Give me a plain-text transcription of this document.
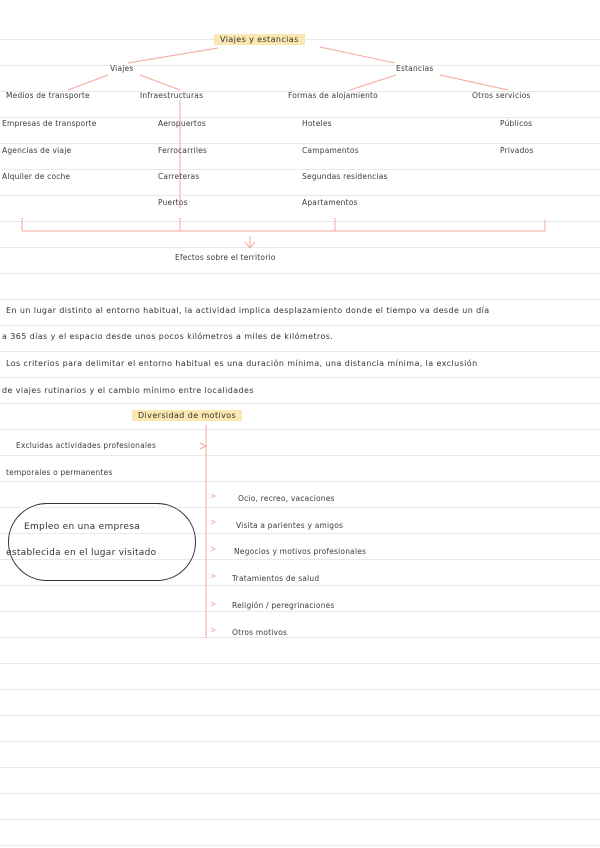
Viajes y estancias
Viajes	Estancias
Medios de transporte	Infraestructuras	Formas de alojamiento	Otros servicios
Empresas de transporte
Agencias de viaje
Alquiler de coche
Aeropuertos
Ferrocarriles
Carreteras
Puertos
Hoteles
Campamentos
Segundas residencias
Apartamentos
Públicos
Privados
Efectos sobre el territorio
En un lugar distinto al entorno habitual, la actividad implica desplazamiento donde el tiempo va desde un día
a 365 días y el espacio desde unos pocos kilómetros a miles de kilómetros.
Los criterios para delimitar el entorno habitual es una duración mínima, una distancia mínima, la exclusión
de viajes rutinarios y el cambio mínimo entre localidades
Diversidad de motivos
Excluidas actividades profesionales
temporales o permanentes
Ocio, recreo, vacaciones
Visita a parientes y amigos
Negocios y motivos profesionales
Tratamientos de salud
Religión / peregrinaciones
Otros motivos
Empleo en una empresa
establecida en el lugar visitado
